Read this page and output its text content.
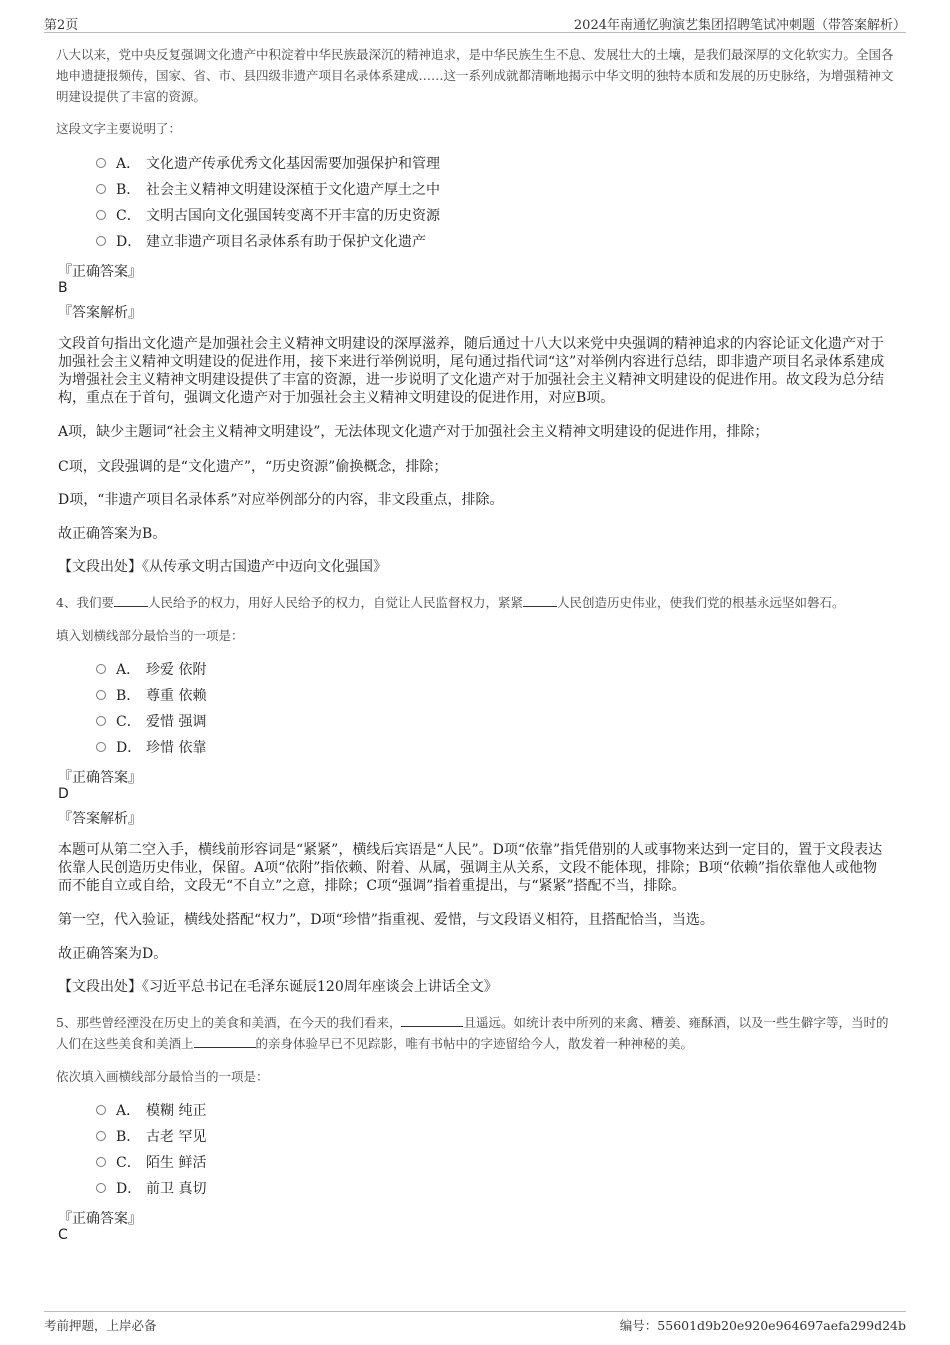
第2页	2024年南通忆驹演艺集团招聘笔试冲刺题（带答案解析）
八大以来，党中央反复强调文化遗产中积淀着中华民族最深沉的精神追求，是中华民族生生不息、发展壮大的土壤，是我们最深厚的文化软实力。全国各地申遗捷报频传，国家、省、市、县四级非遗产项目名录体系建成……这一系列成就都清晰地揭示中华文明的独特本质和发展的历史脉络，为增强精神文明建设提供了丰富的资源。
这段文字主要说明了：
A． 文化遗产传承优秀文化基因需要加强保护和管理
B． 社会主义精神文明建设深植于文化遗产厚土之中
C． 文明古国向文化强国转变离不开丰富的历史资源
D． 建立非遗产项目名录体系有助于保护文化遗产
『正确答案』
B
『答案解析』
文段首句指出文化遗产是加强社会主义精神文明建设的深厚滋养，随后通过十八大以来党中央强调的精神追求的内容论证文化遗产对于加强社会主义精神文明建设的促进作用，接下来进行举例说明，尾句通过指代词“这”对举例内容进行总结，即非遗产项目名录体系建成为增强社会主义精神文明建设提供了丰富的资源，进一步说明了文化遗产对于加强社会主义精神文明建设的促进作用。故文段为总分结构，重点在于首句，强调文化遗产对于加强社会主义精神文明建设的促进作用，对应B项。
A项，缺少主题词“社会主义精神文明建设”，无法体现文化遗产对于加强社会主义精神文明建设的促进作用，排除；
C项，文段强调的是“文化遗产”，“历史资源”偷换概念，排除；
D项，“非遗产项目名录体系”对应举例部分的内容，非文段重点，排除。
故正确答案为B。
【文段出处】《从传承文明古国遗产中迈向文化强国》
4、我们要	人民给予的权力，用好人民给予的权力，自觉让人民监督权力，紧紧	人民创造历史伟业，使我们党的根基永远坚如磐石。
填入划横线部分最恰当的一项是：
A． 珍爱 依附
B． 尊重 依赖
C． 爱惜 强调
D． 珍惜 依靠
『正确答案』
D
『答案解析』
本题可从第二空入手，横线前形容词是“紧紧”，横线后宾语是“人民”。D项“依靠”指凭借别的人或事物来达到一定目的，置于文段表达依靠人民创造历史伟业，保留。A项“依附”指依赖、附着、从属，强调主从关系，文段不能体现，排除；B项“依赖”指依靠他人或他物而不能自立或自给，文段无“不自立”之意，排除；C项“强调”指着重提出，与“紧紧”搭配不当，排除。
第一空，代入验证，横线处搭配“权力”，D项“珍惜”指重视、爱惜，与文段语义相符，且搭配恰当，当选。
故正确答案为D。
【文段出处】《习近平总书记在毛泽东诞辰120周年座谈会上讲话全文》
5、那些曾经湮没在历史上的美食和美酒，在今天的我们看来，	且遥远。如统计表中所列的来禽、糟姜、雍酥酒，以及一些生僻字等，当时的人们在这些美食和美酒上	的亲身体验早已不见踪影，唯有书帖中的字迹留给今人，散发着一种神秘的美。
依次填入画横线部分最恰当的一项是：
A． 模糊 纯正
B． 古老 罕见
C． 陌生 鲜活
D． 前卫 真切
『正确答案』
C
考前押题，上岸必备	编号：55601d9b20e920e964697aefa299d24b
